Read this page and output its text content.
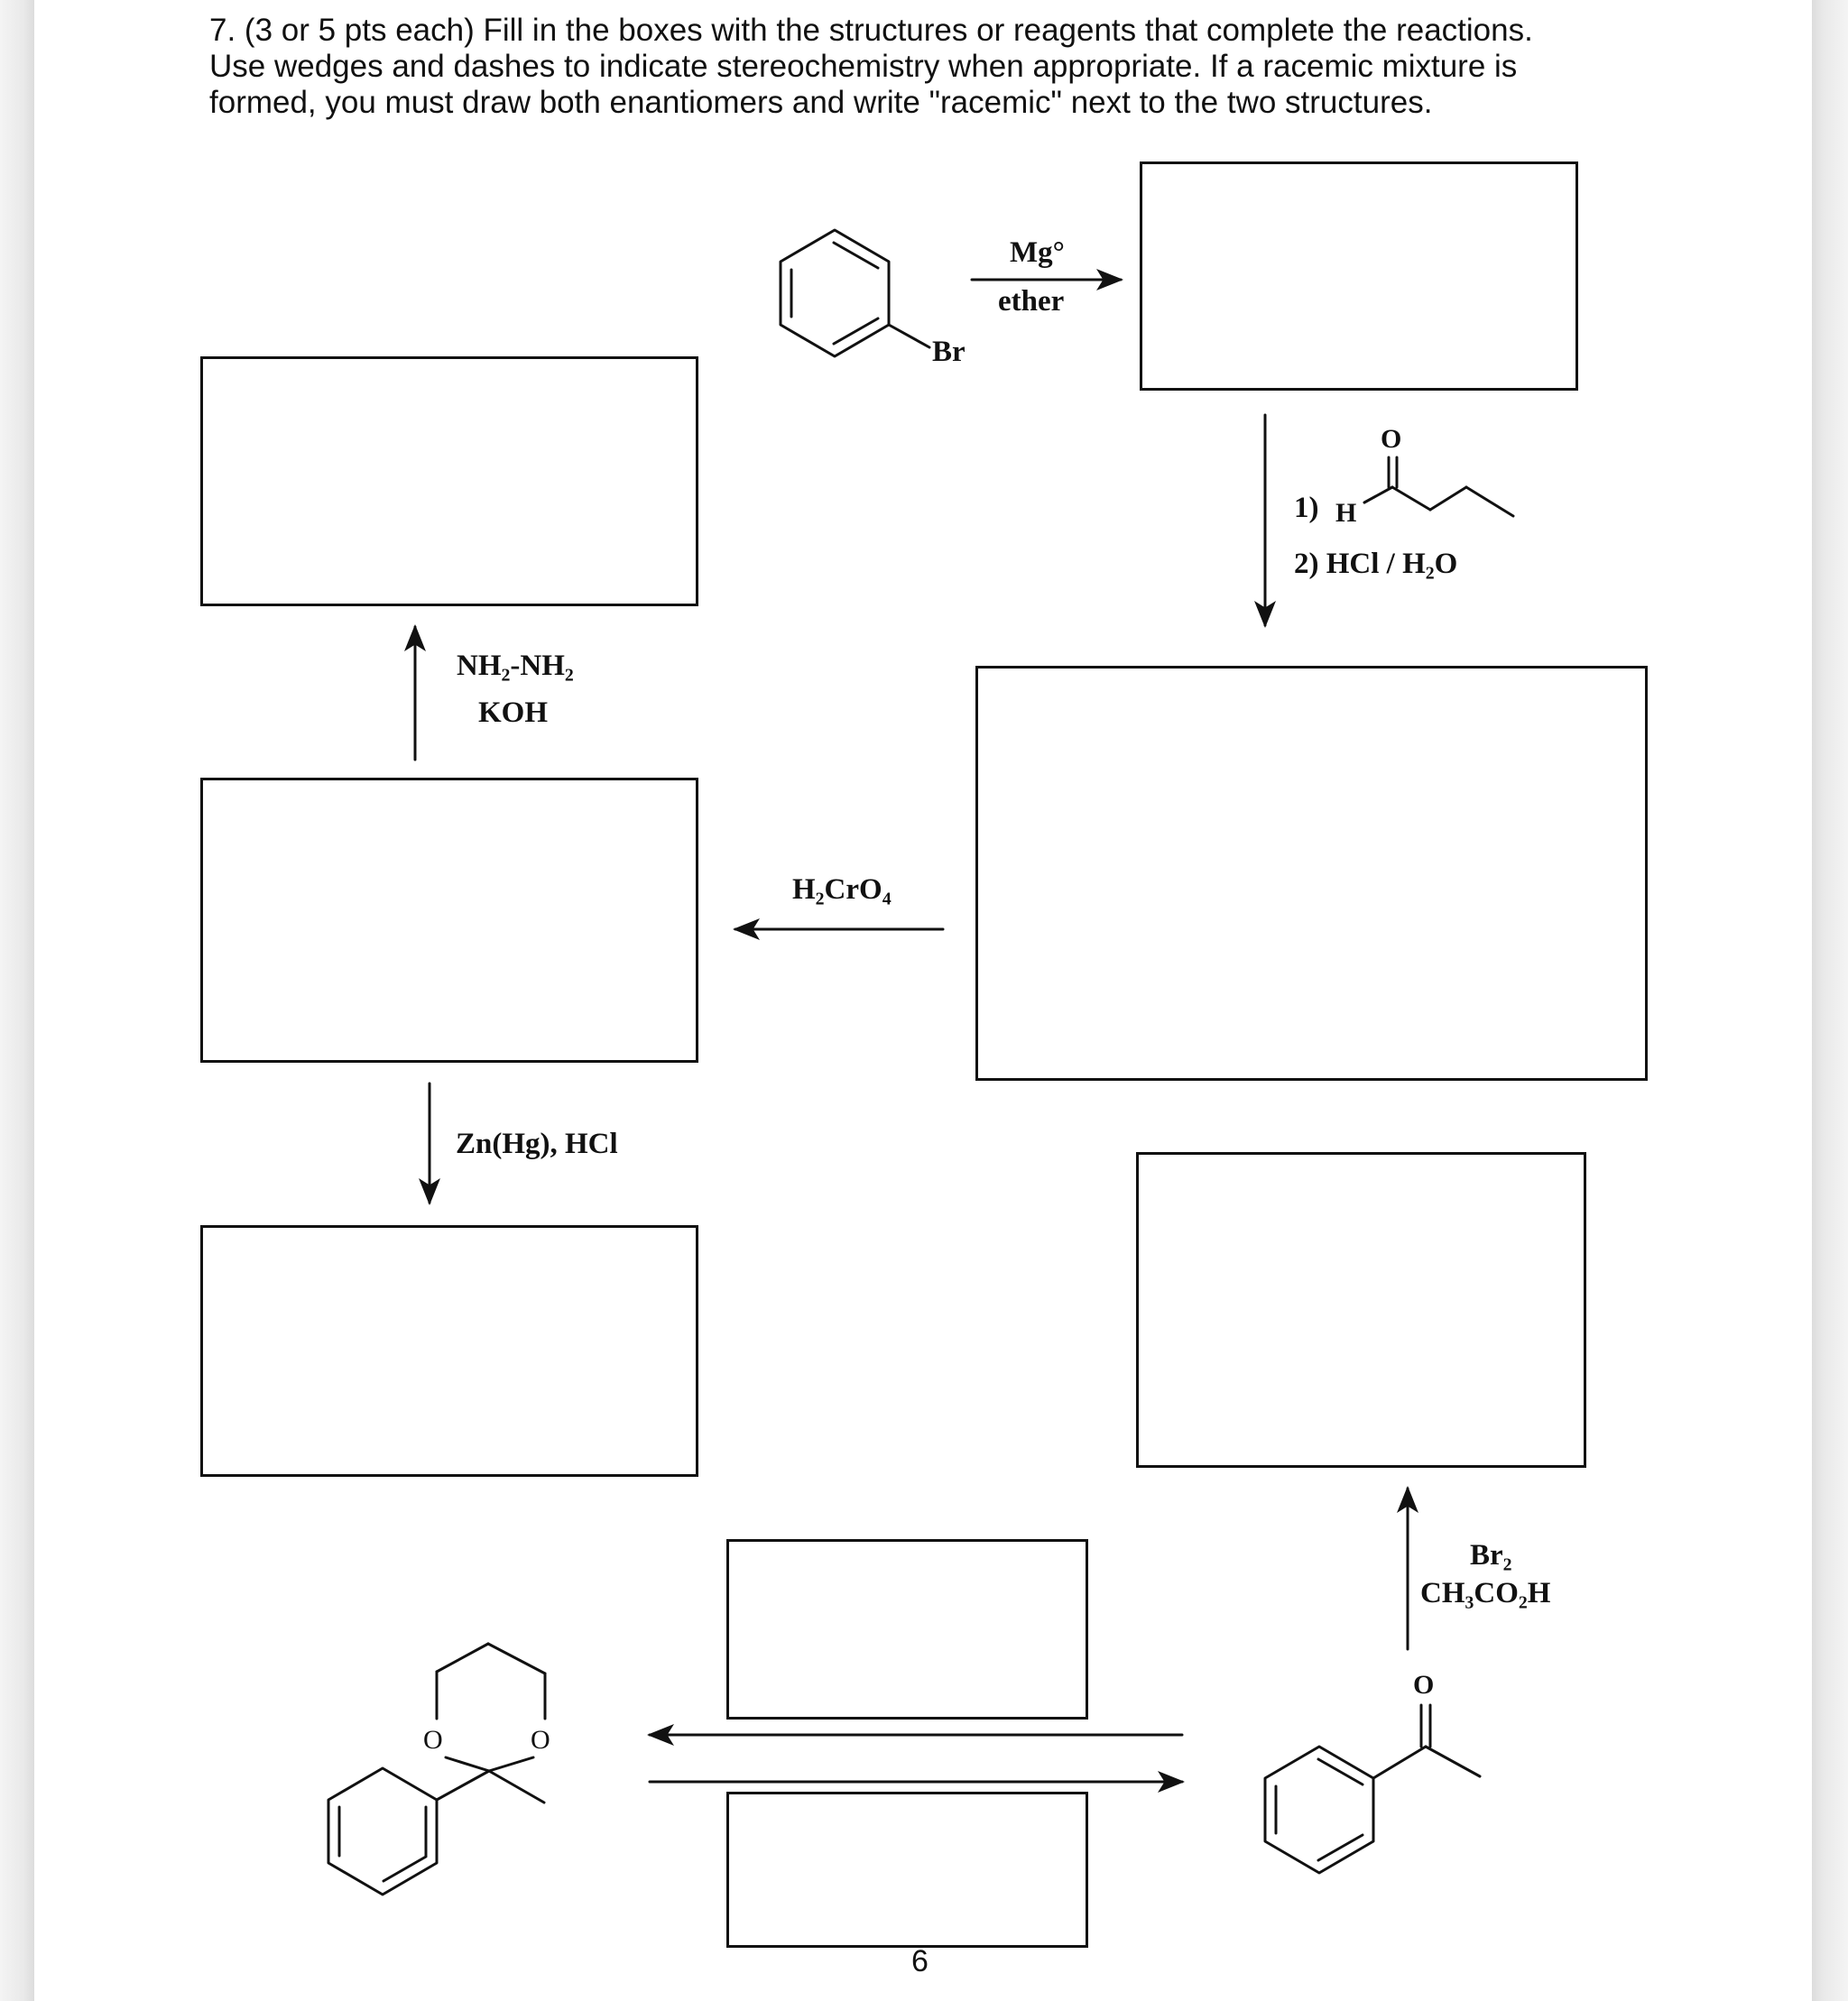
7. (3 or 5 pts each) Fill in the boxes with the structures or reagents that complete the reactions.
Use wedges and dashes to indicate stereochemistry when appropriate. If a racemic mixture is
formed, you must draw both enantiomers and write "racemic" next to the two structures.
Br
Mg°
ether
O
1) H
2) HCl / H₂O
NH₂-NH₂
KOH
H₂CrO₄
Zn(Hg), HCl
Br₂
CH₃CO₂H
O
O	O
6
